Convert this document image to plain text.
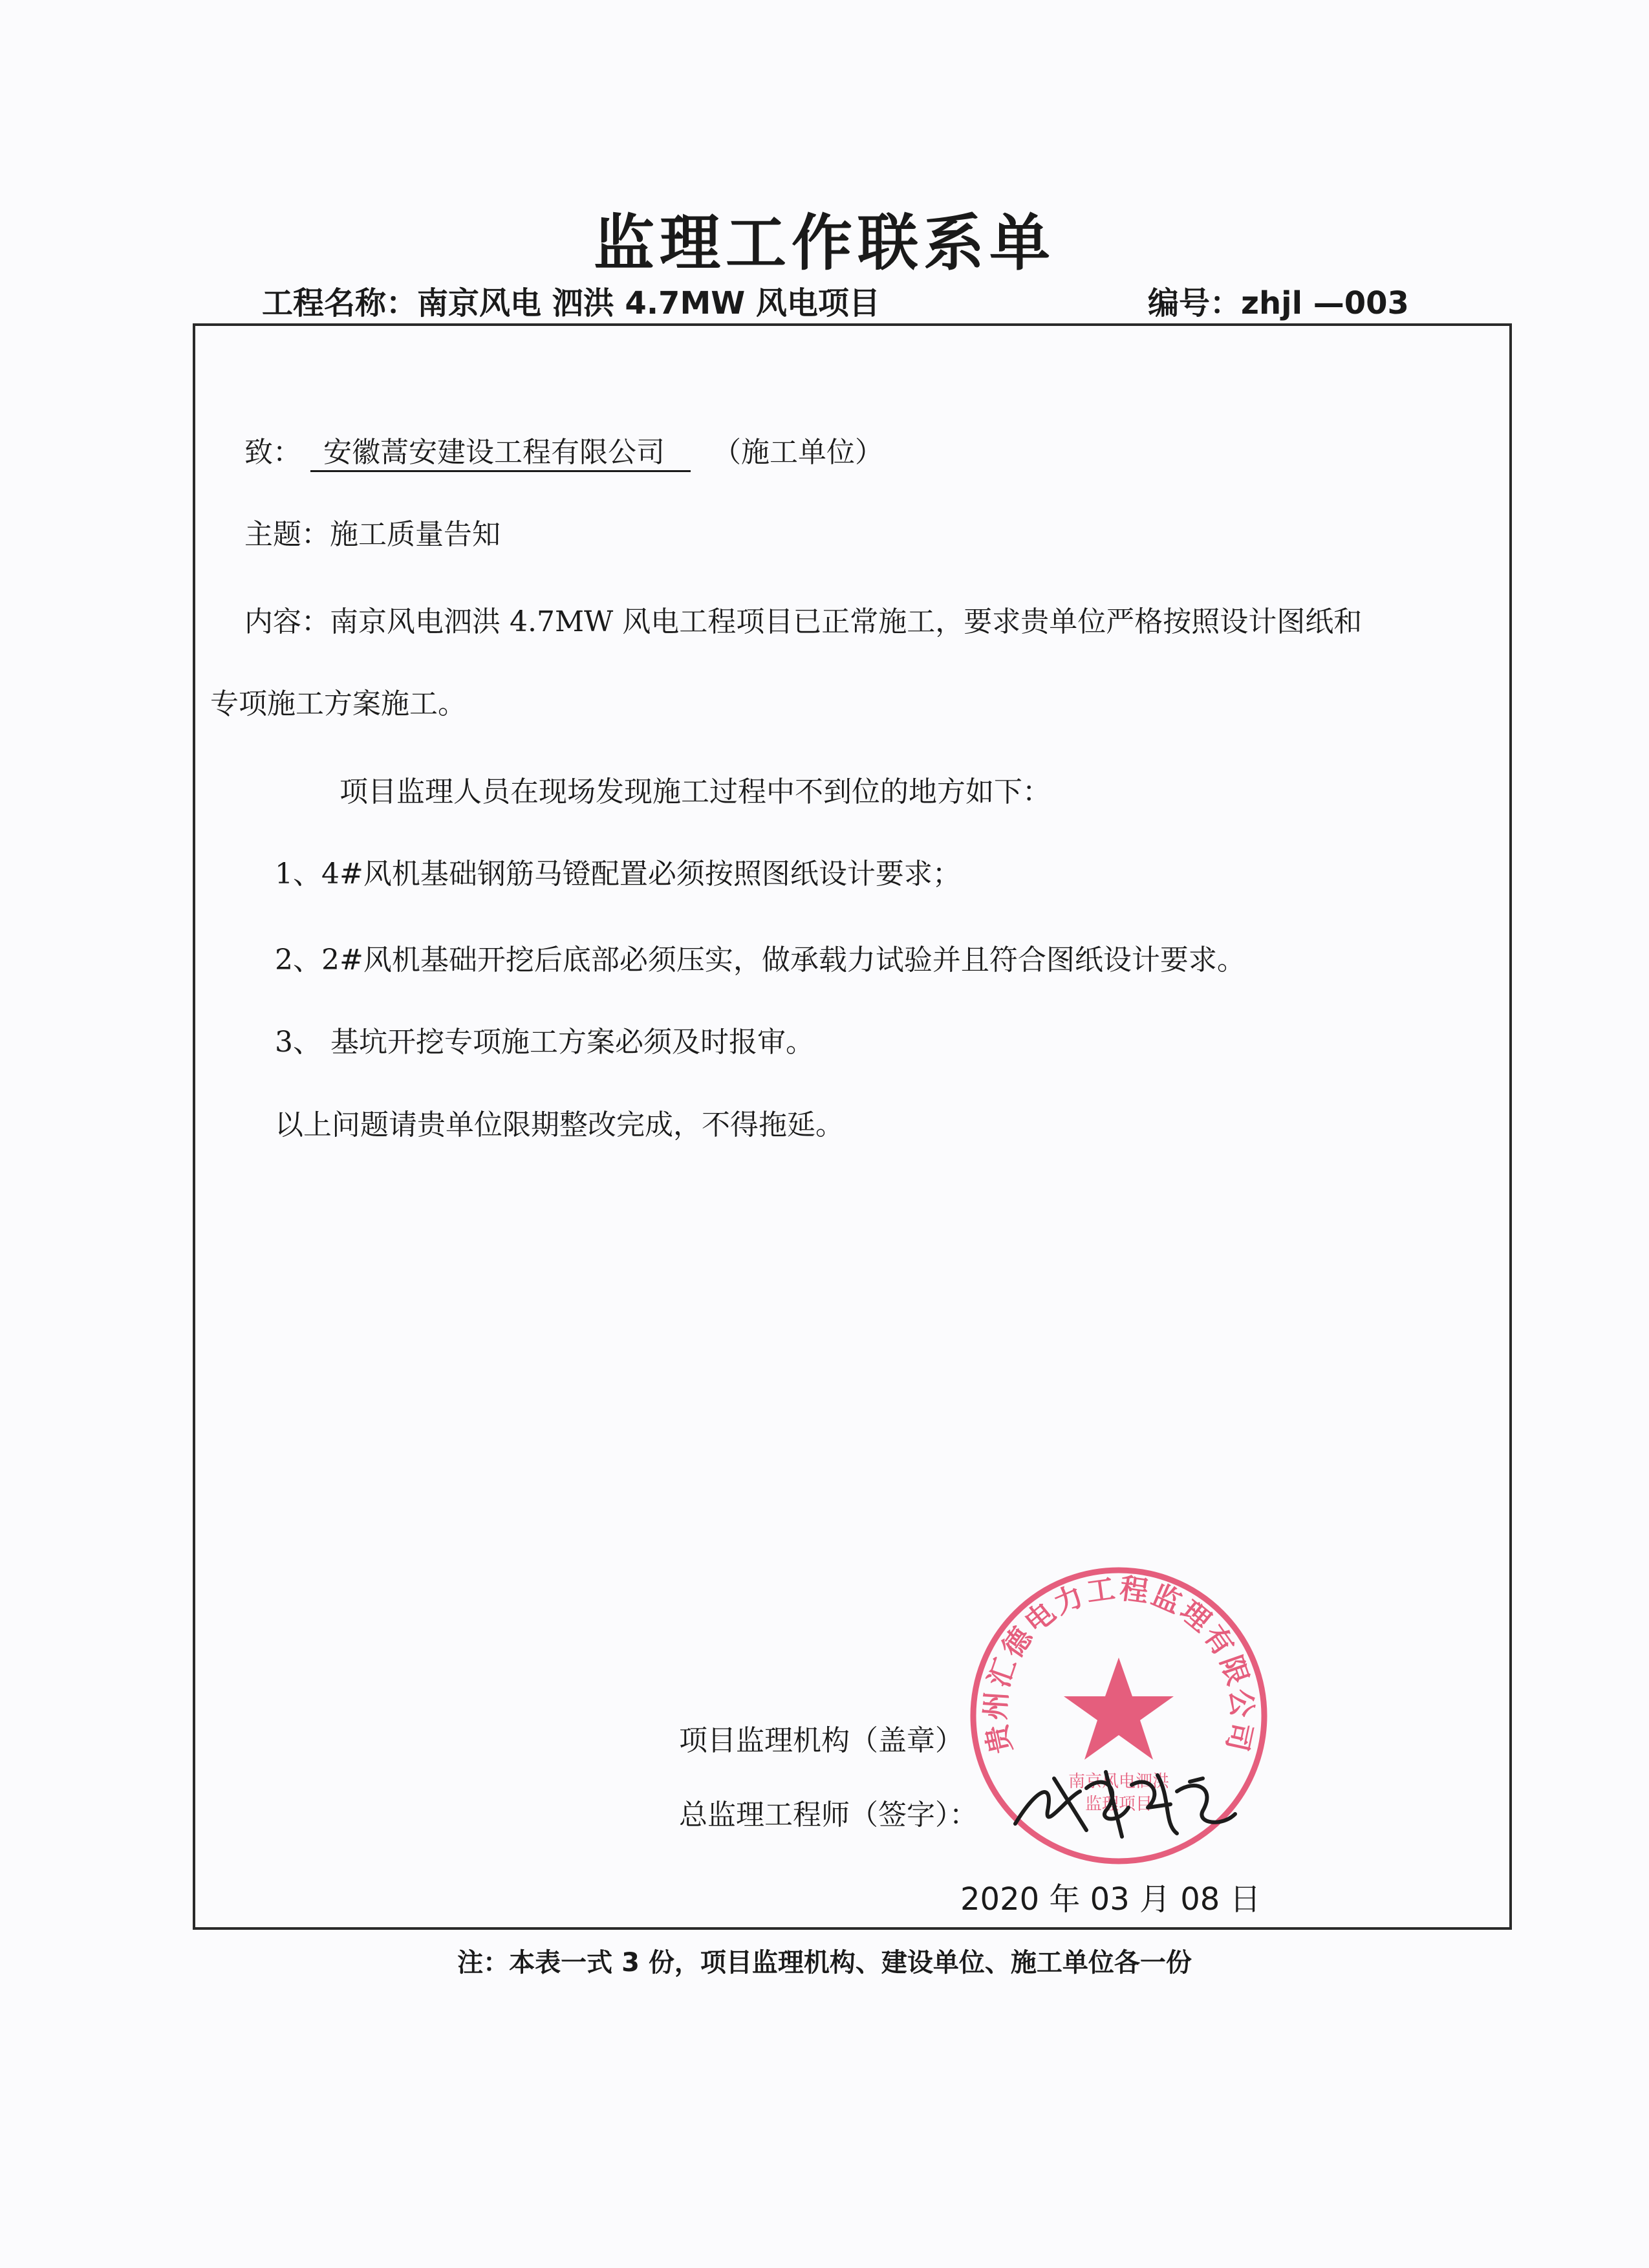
监理工作联系单
工程名称：南京风电 泗洪 4.7MW 风电项目	编号：zhjl —003
致： 安徽蒿安建设工程有限公司 （施工单位）
主题：施工质量告知
内容：南京风电泗洪 4.7MW 风电工程项目已正常施工，要求贵单位严格按照设计图纸和
专项施工方案施工。
项目监理人员在现场发现施工过程中不到位的地方如下：
1、4#风机基础钢筋马镫配置必须按照图纸设计要求；
2、2#风机基础开挖后底部必须压实，做承载力试验并且符合图纸设计要求。
3、 基坑开挖专项施工方案必须及时报审。
以上问题请贵单位限期整改完成，不得拖延。
项目监理机构（盖章）
总监理工程师（签字）：
2020 年 03 月 08 日
贵州汇德电力工程监理有限公司
南京风电泗洪
监理项目
注：本表一式 3 份，项目监理机构、建设单位、施工单位各一份
